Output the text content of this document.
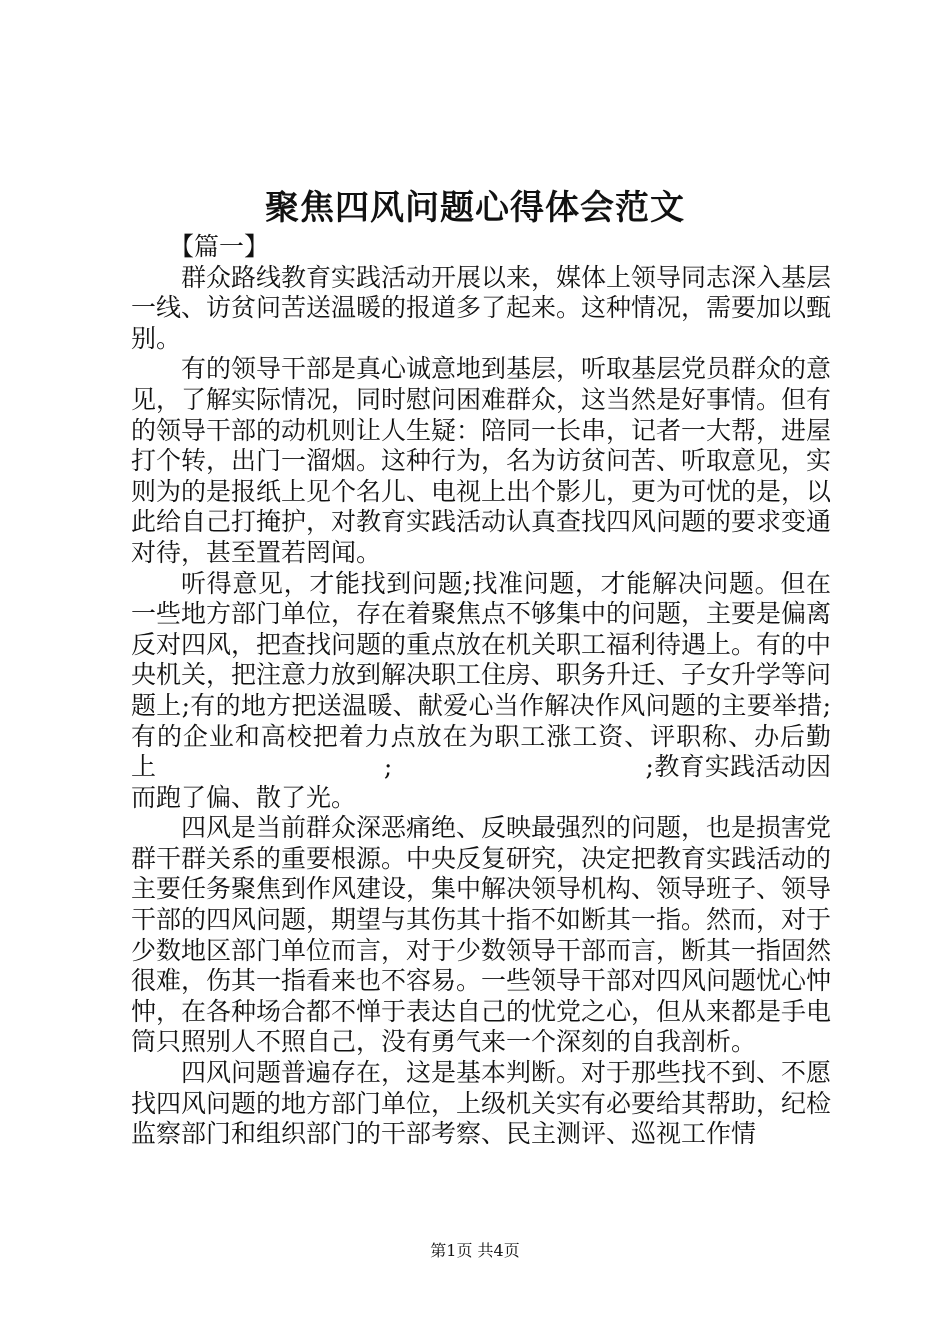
聚焦四风问题心得体会范文

【篇一】

群众路线教育实践活动开展以来，媒体上领导同志深入基层一线、访贫问苦送温暖的报道多了起来。这种情况，需要加以甄别。

有的领导干部是真心诚意地到基层，听取基层党员群众的意见，了解实际情况，同时慰问困难群众，这当然是好事情。但有的领导干部的动机则让人生疑：陪同一长串，记者一大帮，进屋打个转，出门一溜烟。这种行为，名为访贫问苦、听取意见，实则为的是报纸上见个名儿、电视上出个影儿，更为可忧的是，以此给自己打掩护，对教育实践活动认真查找四风问题的要求变通对待，甚至置若罔闻。

听得意见，才能找到问题;找准问题，才能解决问题。但在一些地方部门单位，存在着聚焦点不够集中的问题，主要是偏离反对四风，把查找问题的重点放在机关职工福利待遇上。有的中央机关，把注意力放到解决职工住房、职务升迁、子女升学等问题上;有的地方把送温暖、献爱心当作解决作风问题的主要举措;有的企业和高校把着力点放在为职工涨工资、评职称、办后勤上　　　　　　　　　;　　　　　　　　　　;教育实践活动因而跑了偏、散了光。

四风是当前群众深恶痛绝、反映最强烈的问题，也是损害党群干群关系的重要根源。中央反复研究，决定把教育实践活动的主要任务聚焦到作风建设，集中解决领导机构、领导班子、领导干部的四风问题，期望与其伤其十指不如断其一指。然而，对于少数地区部门单位而言，对于少数领导干部而言，断其一指固然很难，伤其一指看来也不容易。一些领导干部对四风问题忧心忡忡，在各种场合都不惮于表达自己的忧党之心，但从来都是手电筒只照别人不照自己，没有勇气来一个深刻的自我剖析。

四风问题普遍存在，这是基本判断。对于那些找不到、不愿找四风问题的地方部门单位，上级机关实有必要给其帮助，纪检监察部门和组织部门的干部考察、民主测评、巡视工作情

第1页 共4页
